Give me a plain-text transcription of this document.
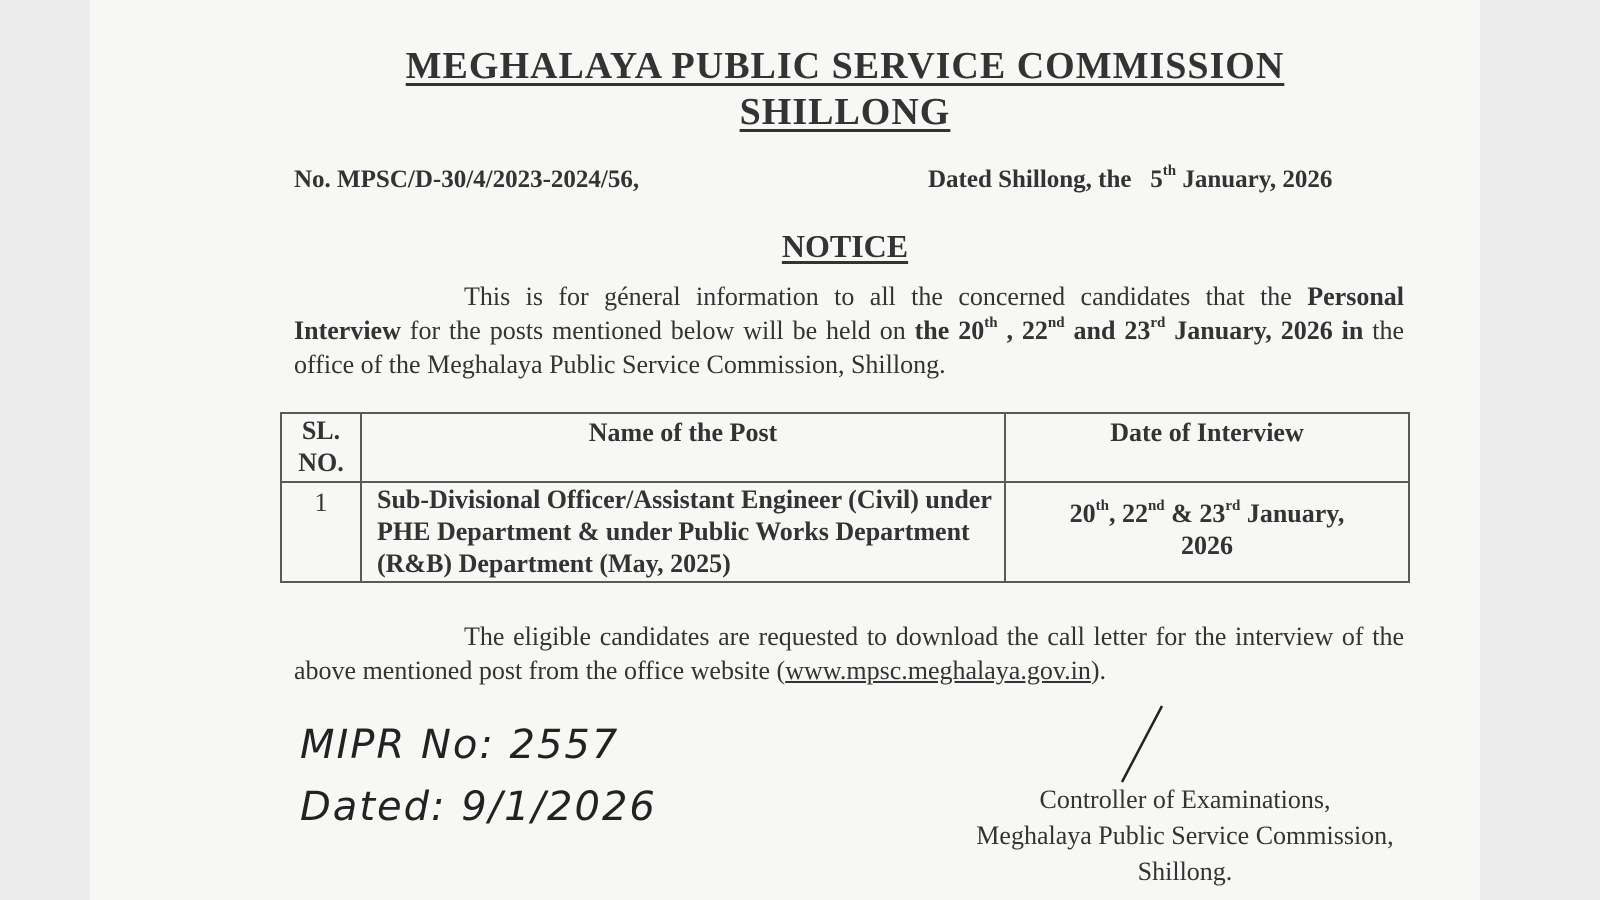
MEGHALAYA PUBLIC SERVICE COMMISSION
SHILLONG
No. MPSC/D-30/4/2023-2024/56,	Dated Shillong, the 5th January, 2026
NOTICE
This is for géneral information to all the concerned candidates that the Personal Interview for the posts mentioned below will be held on the 20th , 22nd and 23rd January, 2026 in the office of the Meghalaya Public Service Commission, Shillong.
SL.
NO.	Name of the Post	Date of Interview
1	Sub-Divisional Officer/Assistant Engineer (Civil) under PHE Department & under Public Works Department (R&B) Department (May, 2025)	20th, 22nd & 23rd January,
2026
The eligible candidates are requested to download the call letter for the interview of the above mentioned post from the office website (www.mpsc.meghalaya.gov.in).
MIPR No: 2557
Dated: 9/1/2026	Controller of Examinations,
Meghalaya Public Service Commission,
Shillong.
